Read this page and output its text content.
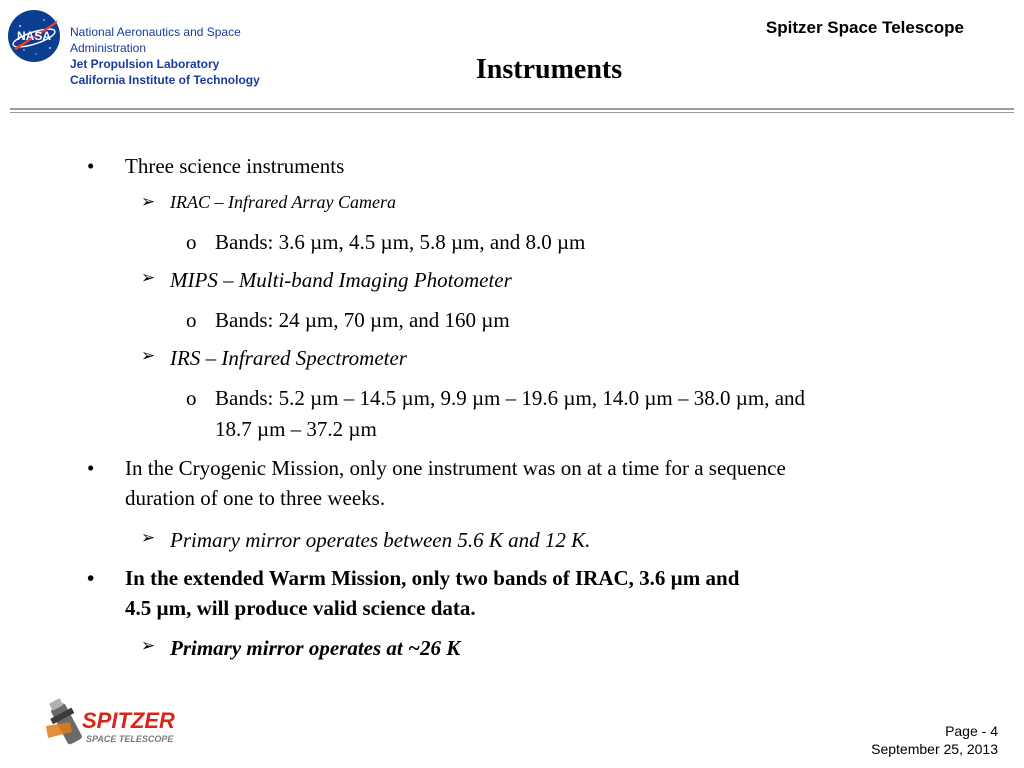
NASA National Aeronautics and Space
Administration
Jet Propulsion Laboratory
California Institute of Technology
Spitzer Space Telescope
Instruments
• Three science instruments
➢ IRAC – Infrared Array Camera
o Bands: 3.6 µm, 4.5 µm, 5.8 µm, and 8.0 µm
➢ MIPS – Multi-band Imaging Photometer
o Bands: 24 µm, 70 µm, and 160 µm
➢ IRS – Infrared Spectrometer
o Bands: 5.2 µm – 14.5 µm, 9.9 µm – 19.6 µm, 14.0 µm – 38.0 µm, and
18.7 µm – 37.2 µm
• In the Cryogenic Mission, only one instrument was on at a time for a sequence
duration of one to three weeks.
➢ Primary mirror operates between 5.6 K and 12 K.
• In the extended Warm Mission, only two bands of IRAC, 3.6 µm and
4.5 µm, will produce valid science data.
➢ Primary mirror operates at ~26 K
SPITZER
SPACE TELESCOPE	Page - 4
September 25, 2013
